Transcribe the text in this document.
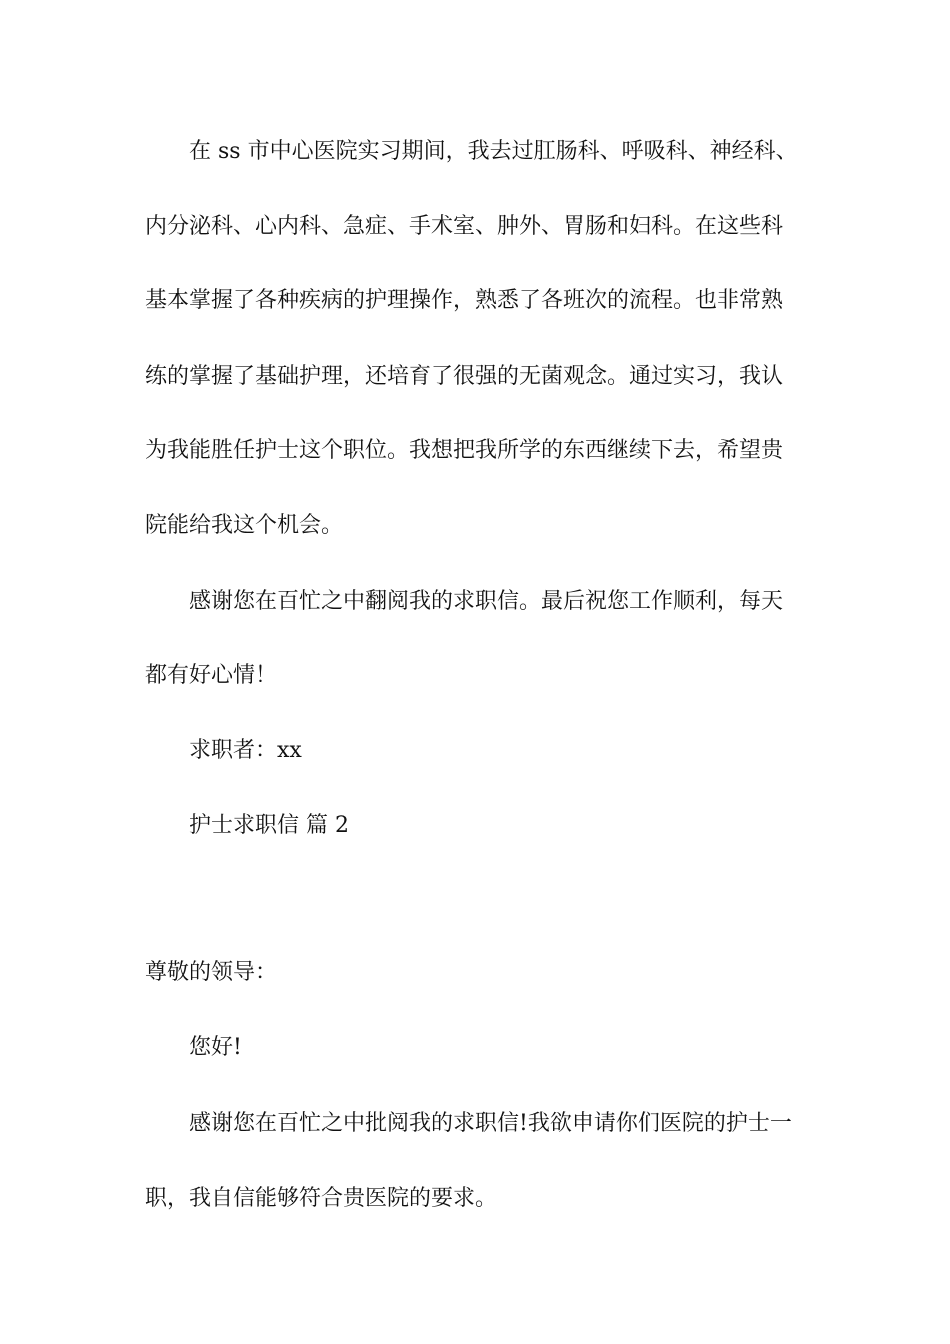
在 ss 市中心医院实习期间，我去过肛肠科、呼吸科、神经科、
内分泌科、心内科、急症、手术室、肿外、胃肠和妇科。在这些科
基本掌握了各种疾病的护理操作，熟悉了各班次的流程。也非常熟
练的掌握了基础护理，还培育了很强的无菌观念。通过实习，我认
为我能胜任护士这个职位。我想把我所学的东西继续下去，希望贵
院能给我这个机会。
感谢您在百忙之中翻阅我的求职信。最后祝您工作顺利，每天
都有好心情！
求职者：xx
护士求职信 篇 2
尊敬的领导：
您好!
感谢您在百忙之中批阅我的求职信!我欲申请你们医院的护士一
职，我自信能够符合贵医院的要求。
